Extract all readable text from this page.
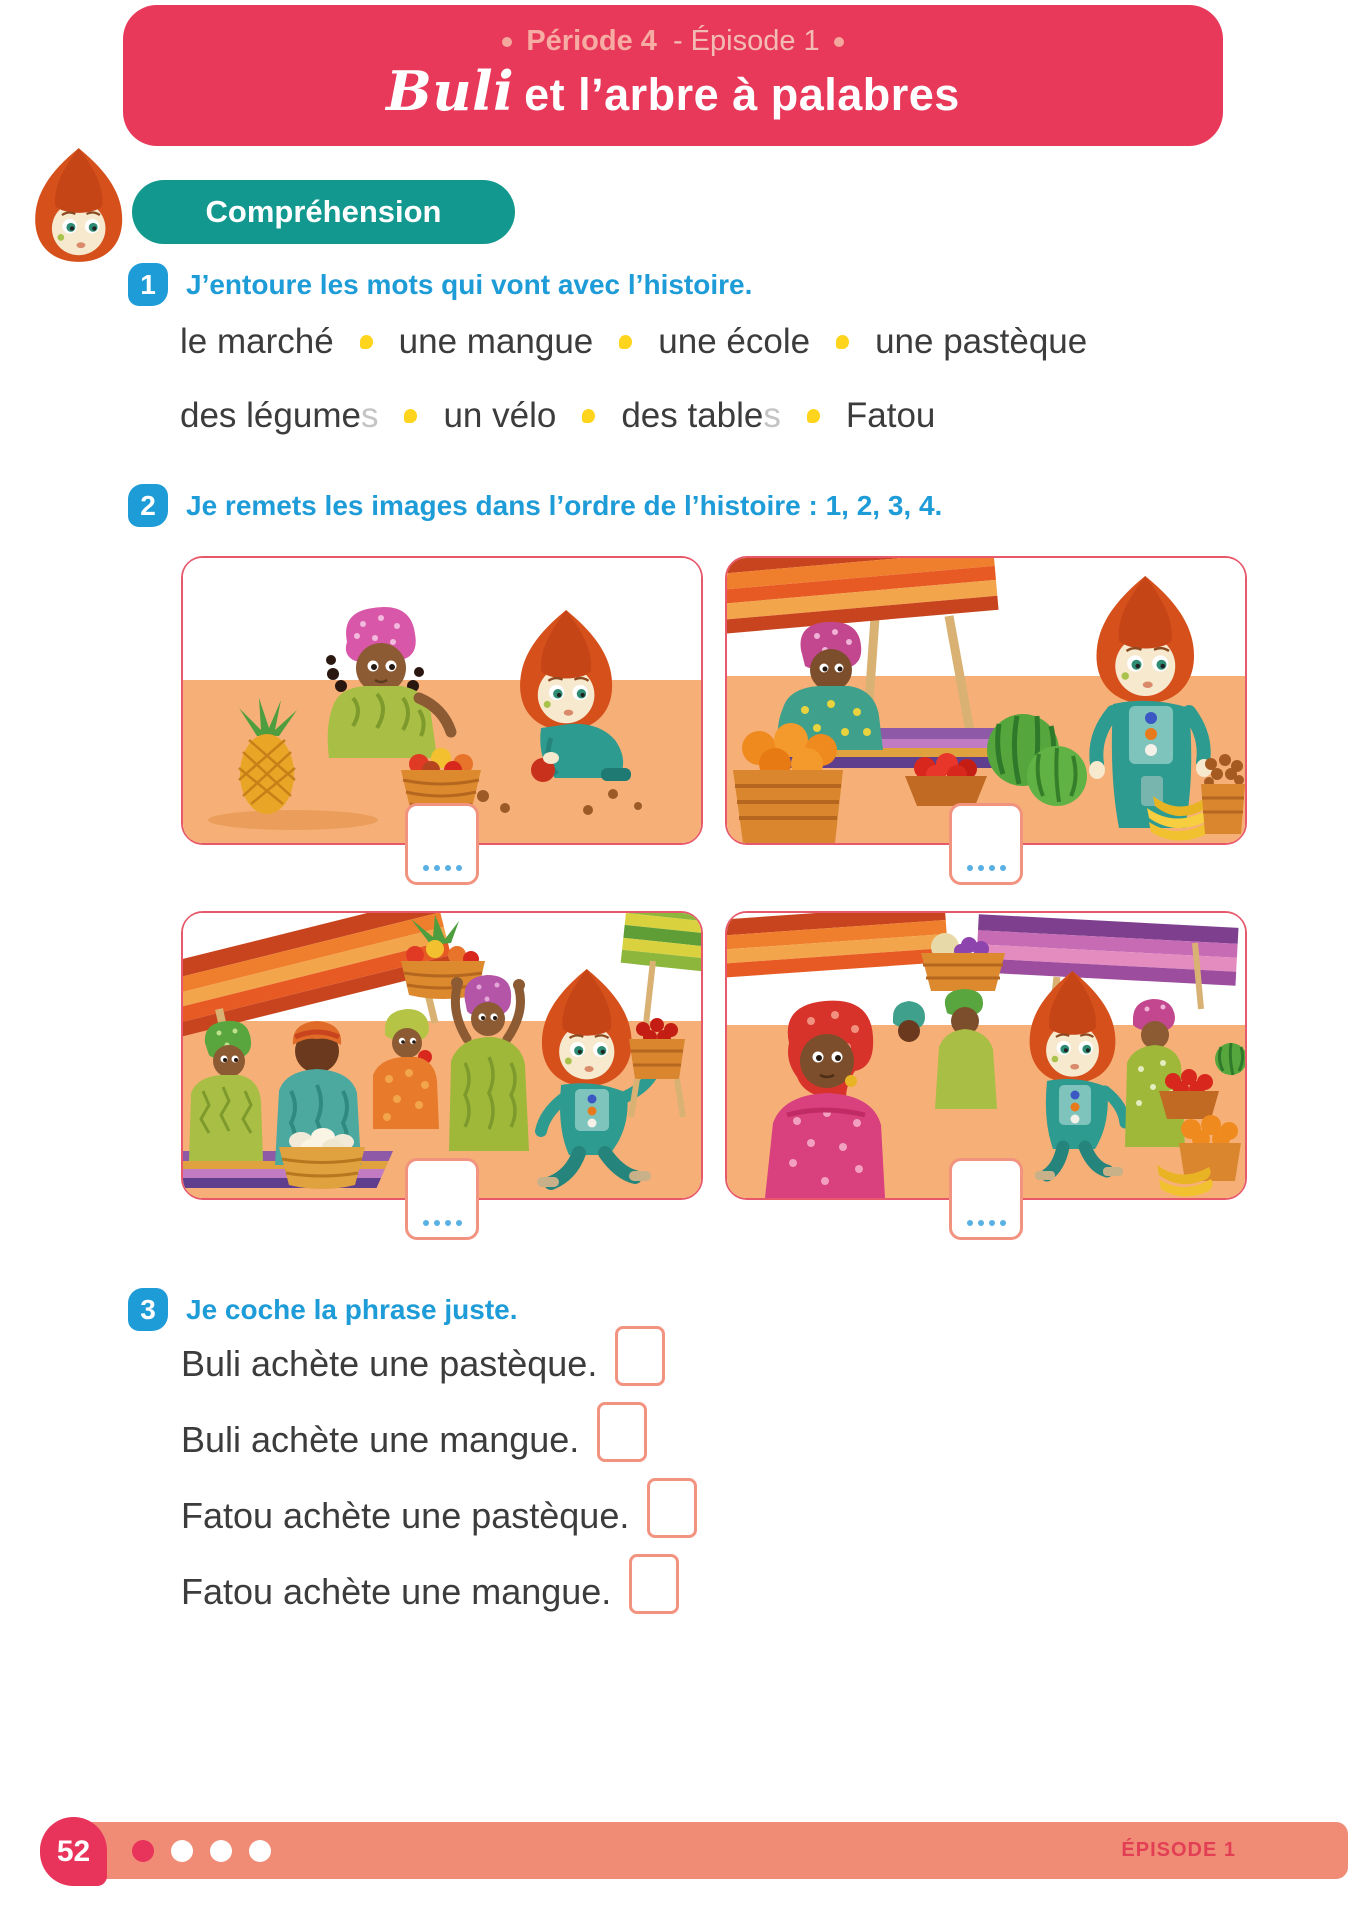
Période 4 - Épisode 1
Buli et l’arbre à palabres
Compréhension
1	J’entoure les mots qui vont avec l’histoire.
le marché une mangue une école une pastèque
des légumes un vélo des tables Fatou
2	Je remets les images dans l’ordre de l’histoire : 1, 2, 3, 4.
3	Je coche la phrase juste.
Buli achète une pastèque.
Buli achète une mangue.
Fatou achète une pastèque.
Fatou achète une mangue.
52	ÉPISODE 1
